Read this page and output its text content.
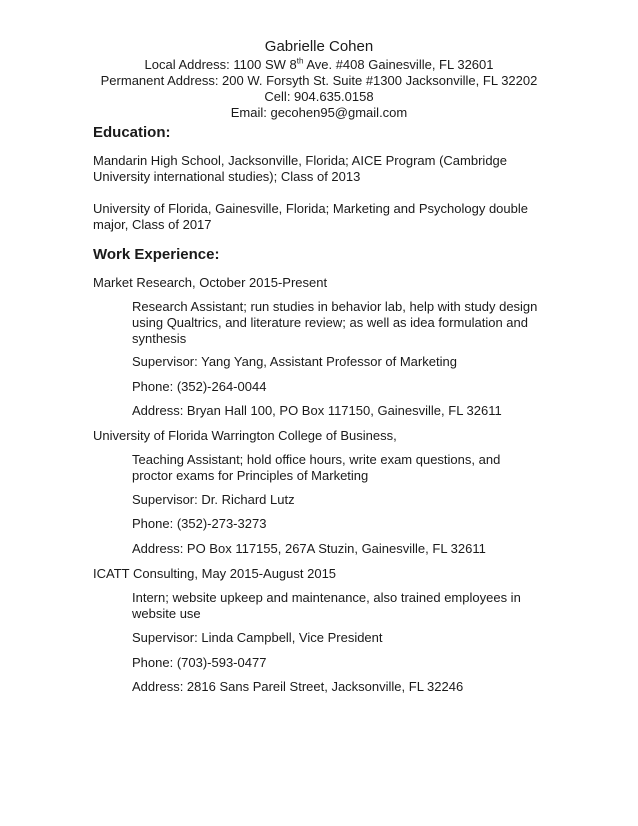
Gabrielle Cohen
Local Address: 1100 SW 8th Ave. #408 Gainesville, FL 32601
Permanent Address: 200 W. Forsyth St. Suite #1300 Jacksonville, FL 32202
Cell: 904.635.0158
Email: gecohen95@gmail.com
Education:
Mandarin High School, Jacksonville, Florida; AICE Program (Cambridge University international studies); Class of 2013
University of Florida, Gainesville, Florida; Marketing and Psychology double major, Class of 2017
Work Experience:
Market Research, October 2015-Present
Research Assistant; run studies in behavior lab, help with study design using Qualtrics, and literature review; as well as idea formulation and synthesis
Supervisor: Yang Yang, Assistant Professor of Marketing
Phone: (352)-264-0044
Address: Bryan Hall 100, PO Box 117150, Gainesville, FL 32611
University of Florida Warrington College of Business,
Teaching Assistant; hold office hours, write exam questions, and proctor exams for Principles of Marketing
Supervisor: Dr. Richard Lutz
Phone: (352)-273-3273
Address: PO Box 117155, 267A Stuzin, Gainesville, FL 32611
ICATT Consulting, May 2015-August 2015
Intern; website upkeep and maintenance, also trained employees in website use
Supervisor: Linda Campbell, Vice President
Phone: (703)-593-0477
Address: 2816 Sans Pareil Street, Jacksonville, FL 32246
